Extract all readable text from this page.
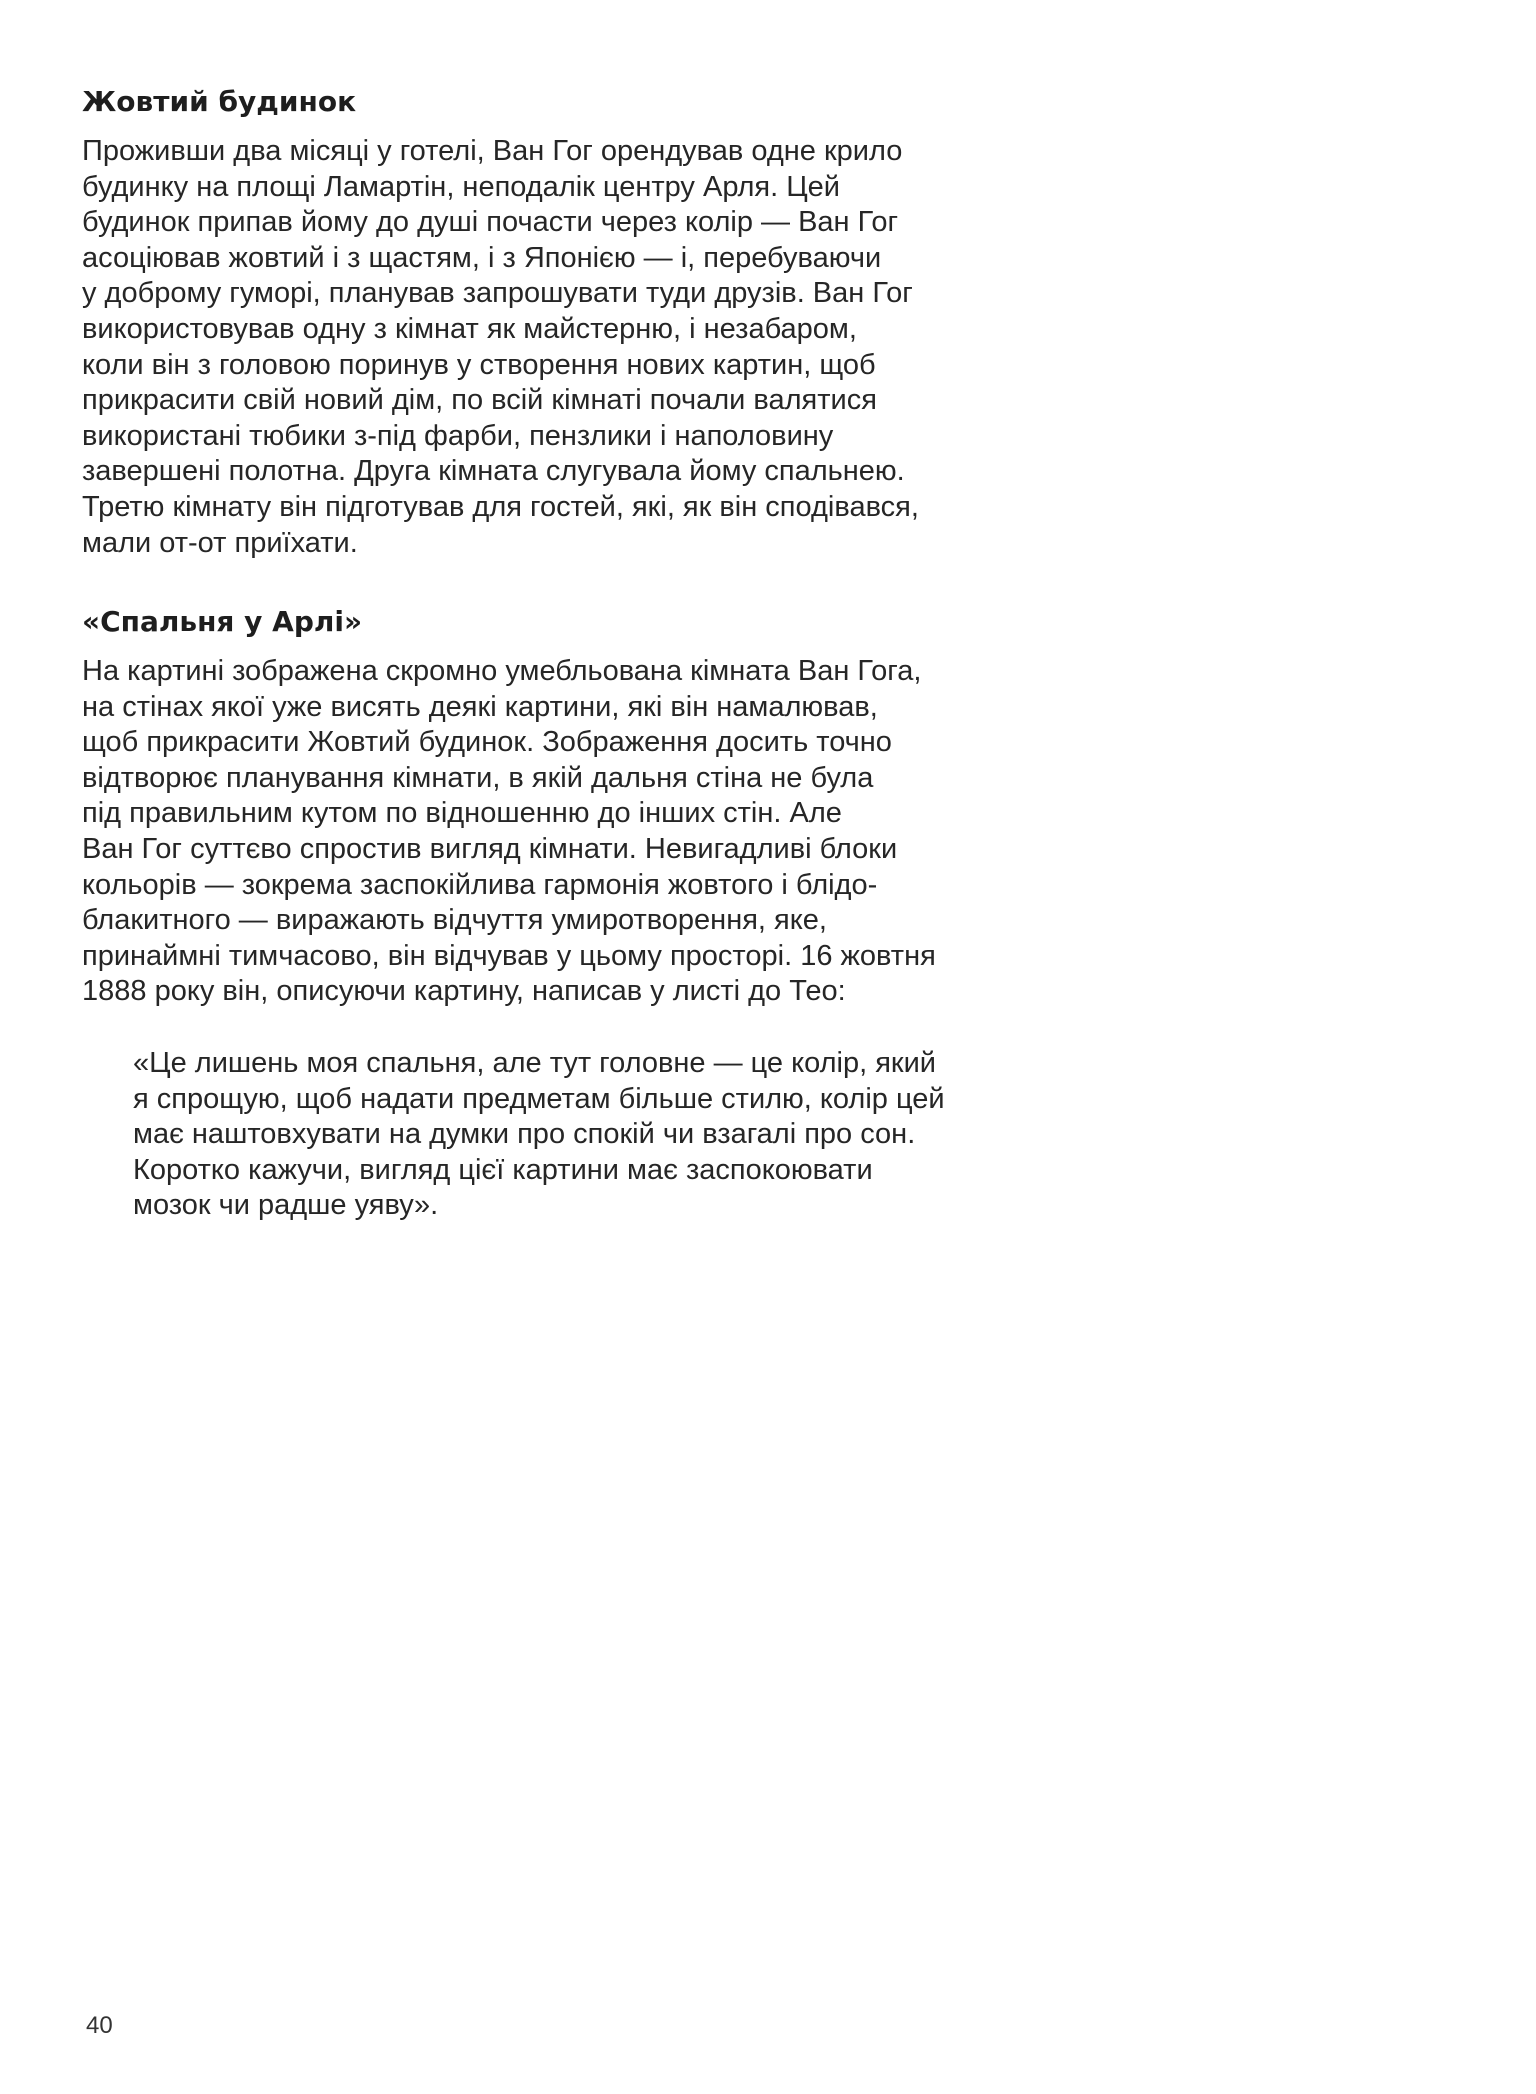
Жовтий будинок

Проживши два місяці у готелі, Ван Гог орендував одне крило
будинку на площі Ламартін, неподалік центру Арля. Цей
будинок припав йому до душі почасти через колір — Ван Гог
асоціював жовтий і з щастям, і з Японією — і, перебуваючи
у доброму гуморі, планував запрошувати туди друзів. Ван Гог
використовував одну з кімнат як майстерню, і незабаром,
коли він з головою поринув у створення нових картин, щоб
прикрасити свій новий дім, по всій кімнаті почали валятися
використані тюбики з-під фарби, пензлики і наполовину
завершені полотна. Друга кімната слугувала йому спальнею.
Третю кімнату він підготував для гостей, які, як він сподівався,
мали от-от приїхати.

«Спальня у Арлі»

На картині зображена скромно умебльована кімната Ван Гога,
на стінах якої уже висять деякі картини, які він намалював,
щоб прикрасити Жовтий будинок. Зображення досить точно
відтворює планування кімнати, в якій дальня стіна не була
під правильним кутом по відношенню до інших стін. Але
Ван Гог суттєво спростив вигляд кімнати. Невигадливі блоки
кольорів — зокрема заспокійлива гармонія жовтого і блідо-
блакитного — виражають відчуття умиротворення, яке,
принаймні тимчасово, він відчував у цьому просторі. 16 жовтня
1888 року він, описуючи картину, написав у листі до Тео:

«Це лишень моя спальня, але тут головне — це колір, який
я спрощую, щоб надати предметам більше стилю, колір цей
має наштовхувати на думки про спокій чи взагалі про сон.
Коротко кажучи, вигляд цієї картини має заспокоювати
мозок чи радше уяву».
40
